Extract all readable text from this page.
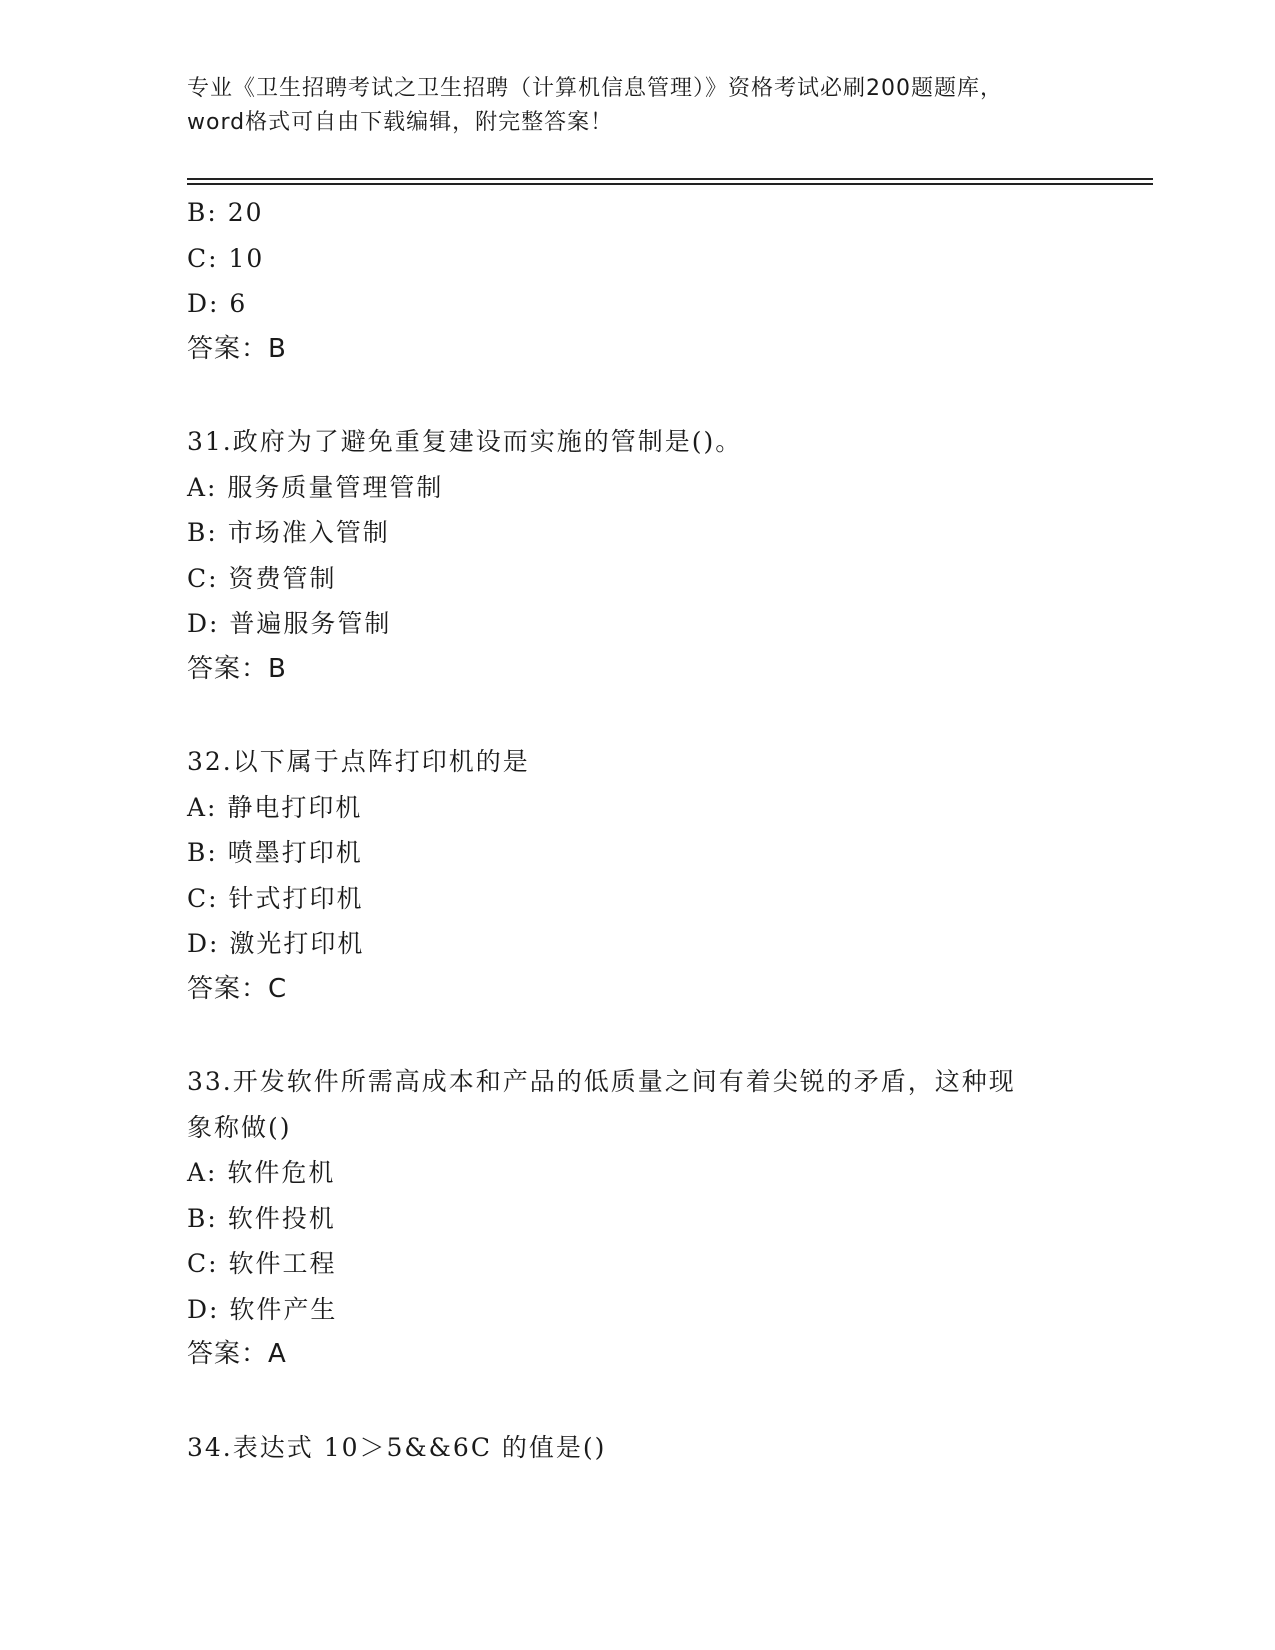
专业《卫生招聘考试之卫生招聘（计算机信息管理）》资格考试必刷200题题库，
word格式可自由下载编辑，附完整答案！
B: 20
C: 10
D: 6
答案：B
31.政府为了避免重复建设而实施的管制是()。
A: 服务质量管理管制
B: 市场准入管制
C: 资费管制
D: 普遍服务管制
答案：B
32.以下属于点阵打印机的是
A: 静电打印机
B: 喷墨打印机
C: 针式打印机
D: 激光打印机
答案：C
33.开发软件所需高成本和产品的低质量之间有着尖锐的矛盾，这种现
象称做()
A: 软件危机
B: 软件投机
C: 软件工程
D: 软件产生
答案：A
34.表达式 10＞5&&6C 的值是()
